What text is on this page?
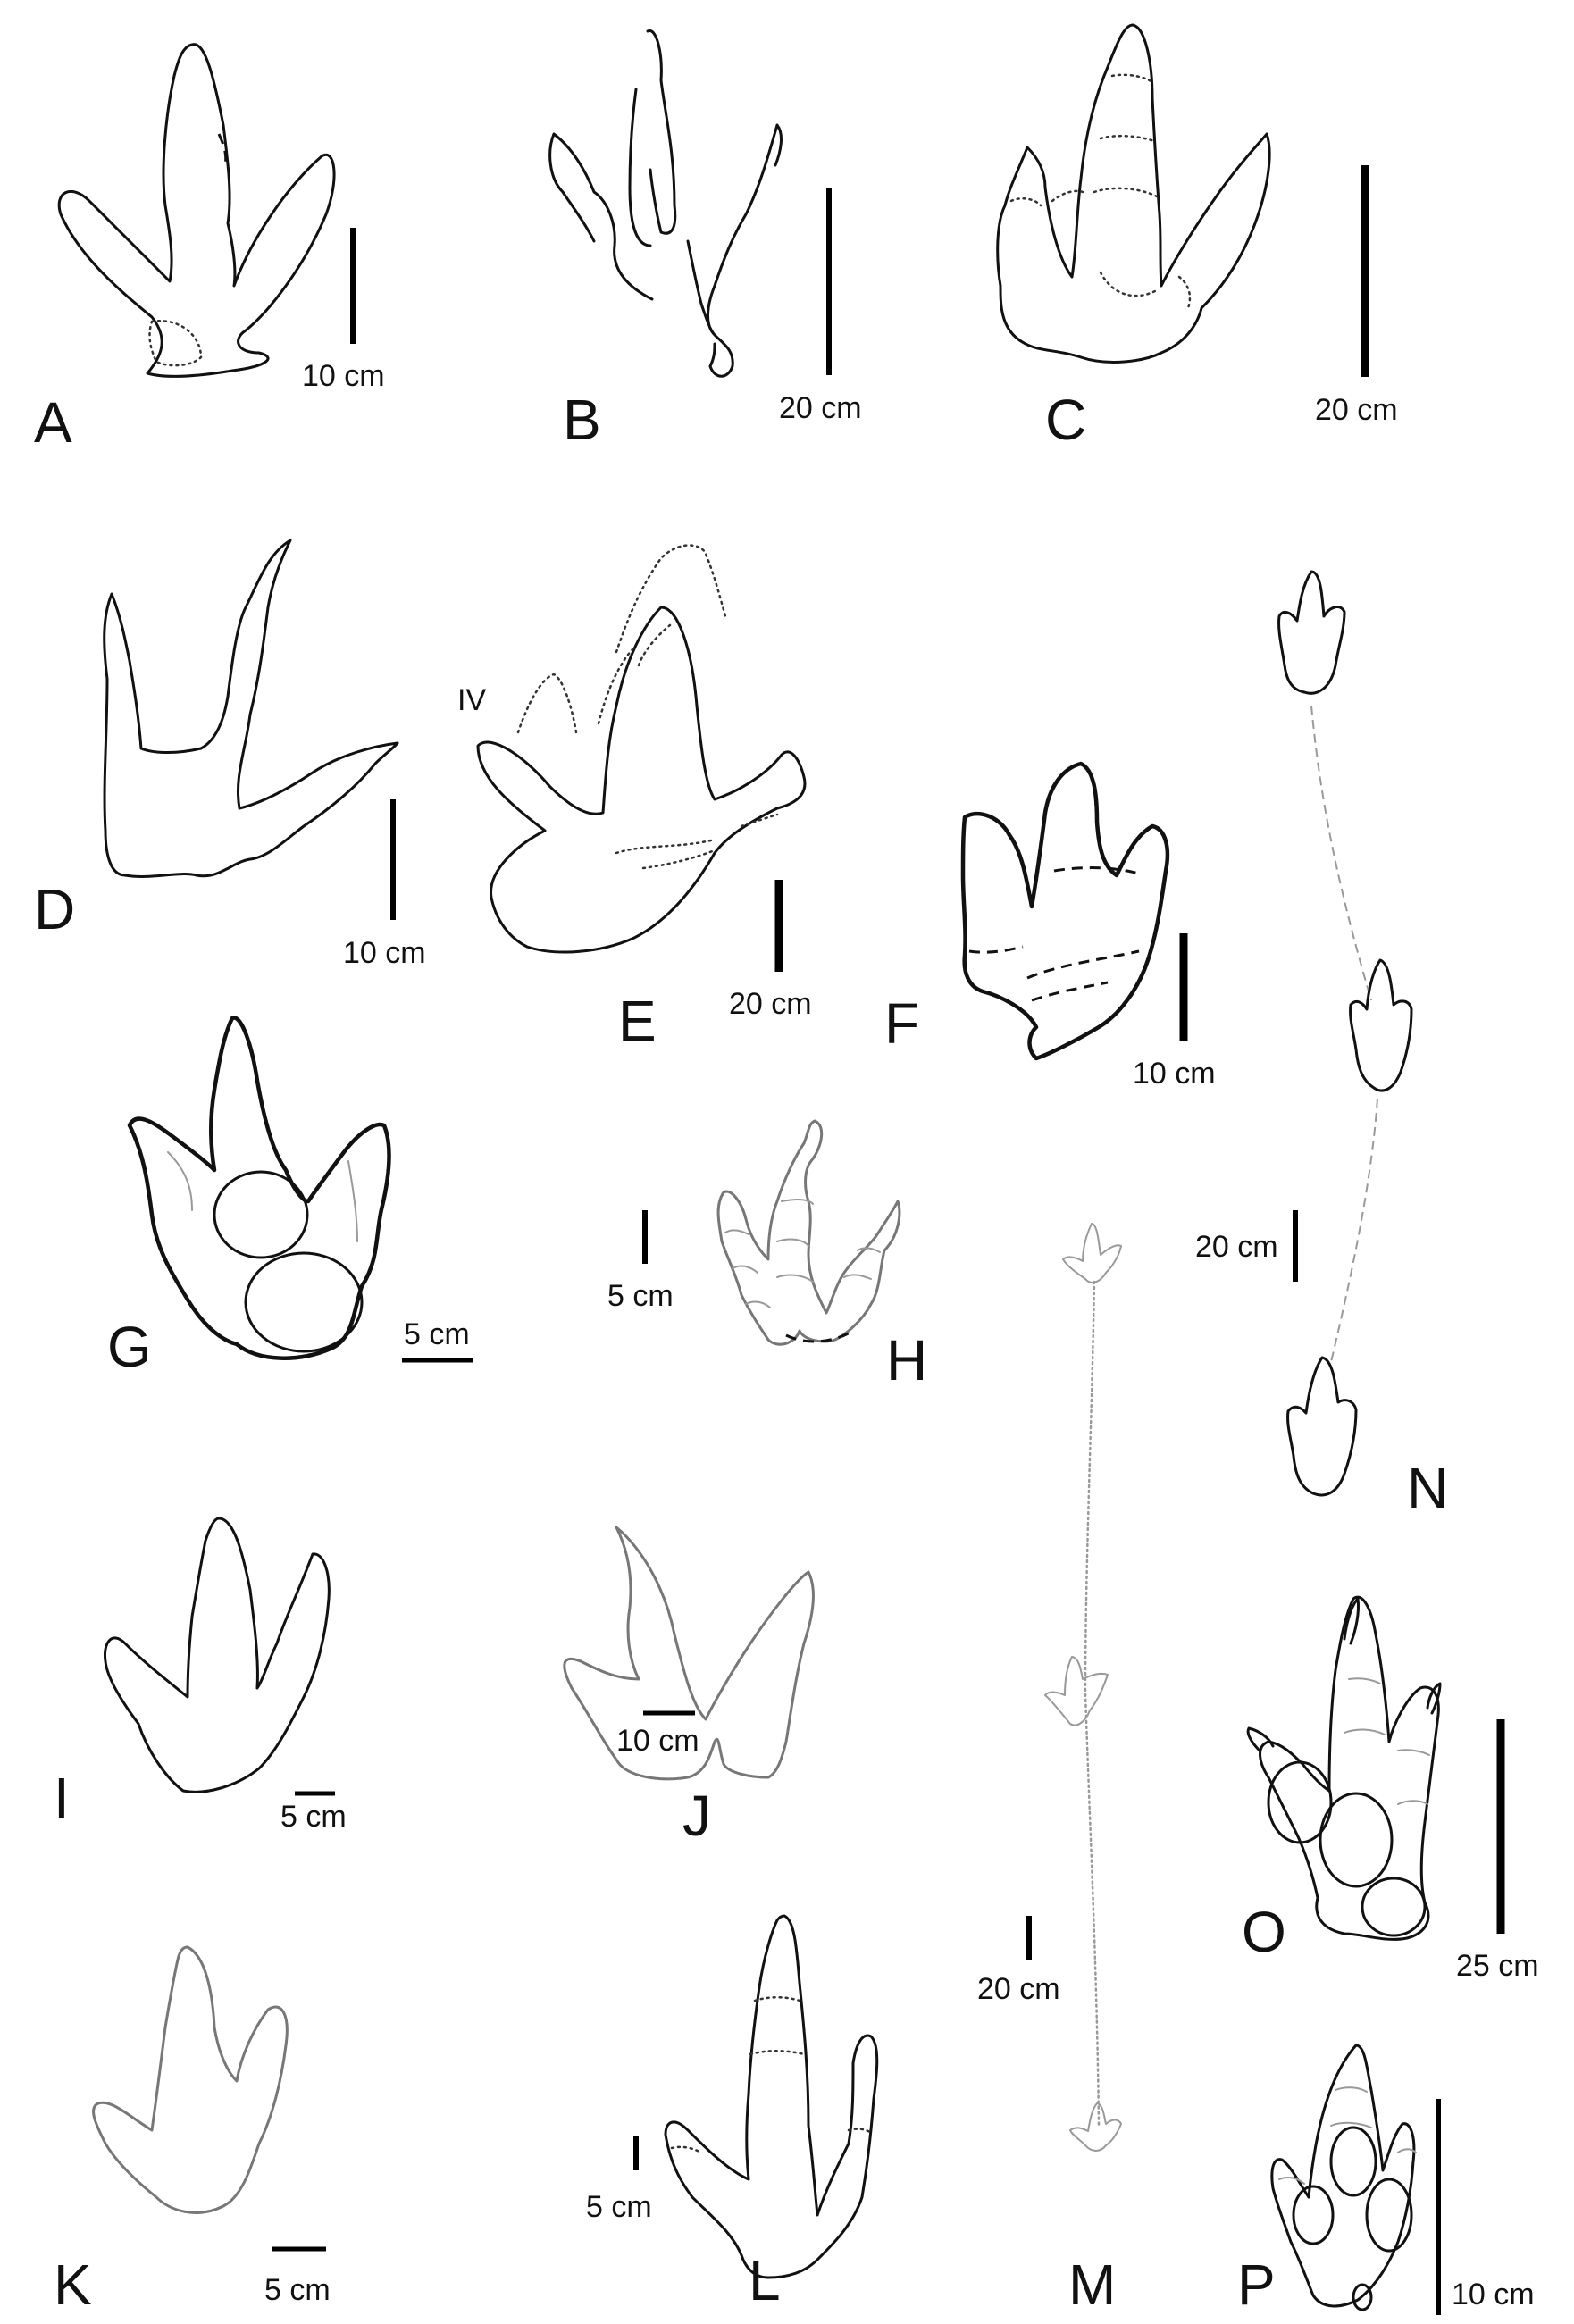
A
10 cm
B	20 cm	C	20 cm
D
10 cm
IV
E 20 cm F
10 cm
G	5 cm	H
5 cm
I	5 cm	J
10 cm
K	5 cm	L
5 cm
M
20 cm
N
20 cm
O
25 cm
P	10 cm
